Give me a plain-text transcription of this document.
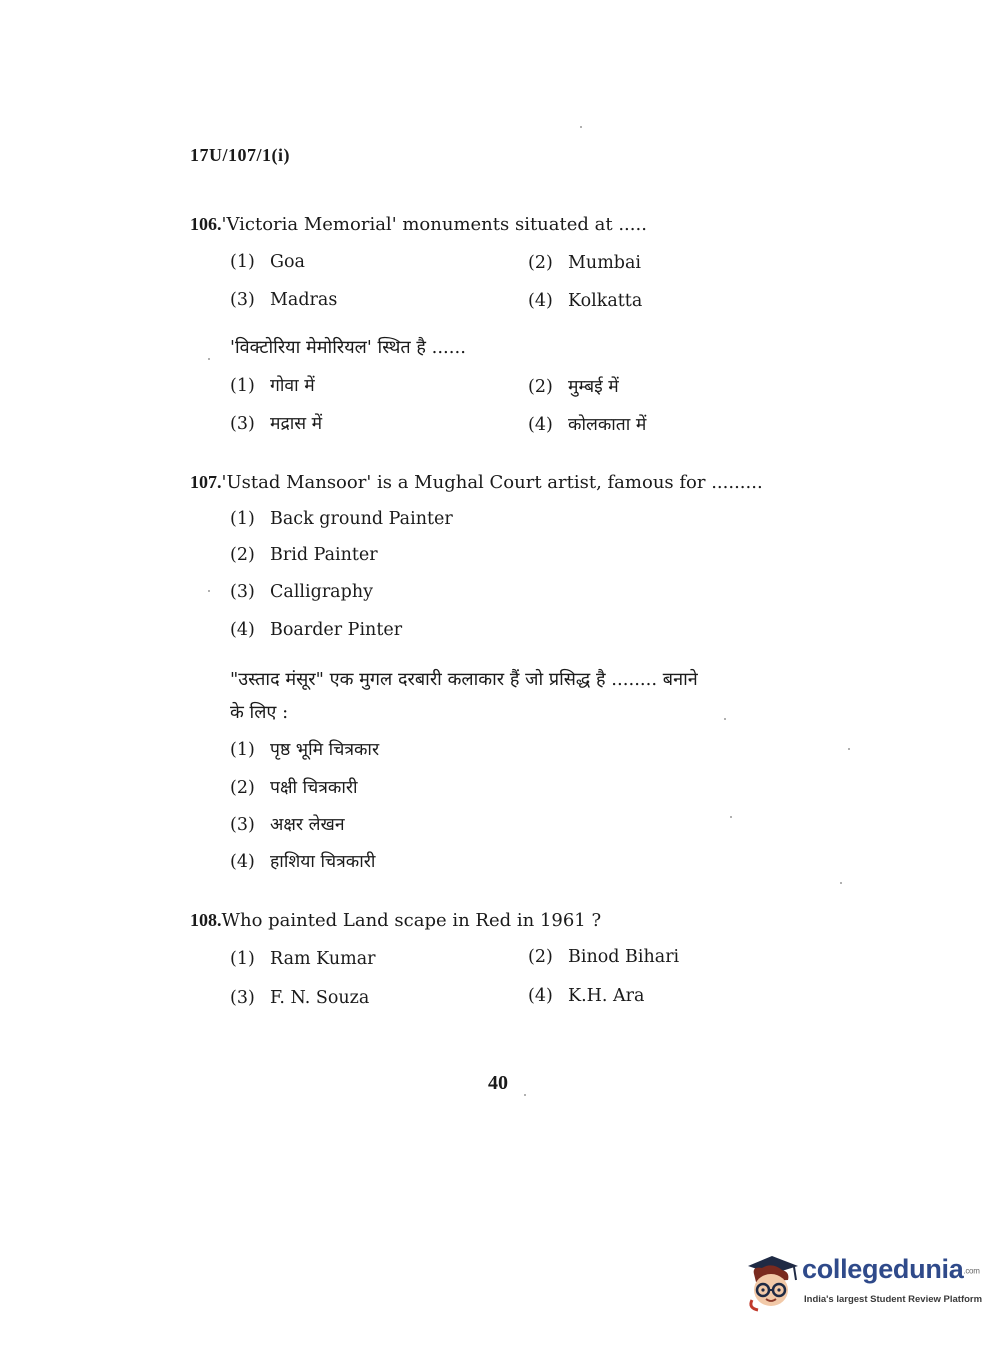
17U/107/1(i)
106.'Victoria Memorial' monuments situated at .....
(1) Goa	(2) Mumbai
(3) Madras	(4) Kolkatta
'विक्टोरिया मेमोरियल' स्थित है ......
(1) गोवा में	(2) मुम्बई में
(3) मद्रास में	(4) कोलकाता में
107.'Ustad Mansoor' is a Mughal Court artist, famous for .........
(1) Back ground Painter
(2) Brid Painter
(3) Calligraphy
(4) Boarder Pinter
"उस्ताद मंसूर" एक मुगल दरबारी कलाकार हैं जो प्रसिद्ध है ........ बनाने
के लिए :
(1) पृष्ठ भूमि चित्रकार
(2) पक्षी चित्रकारी
(3) अक्षर लेखन
(4) हाशिया चित्रकारी
108.Who painted Land scape in Red in 1961 ?
(1) Ram Kumar	(2) Binod Bihari
(3) F. N. Souza	(4) K.H. Ara
40
collegedunia.com
India's largest Student Review Platform
